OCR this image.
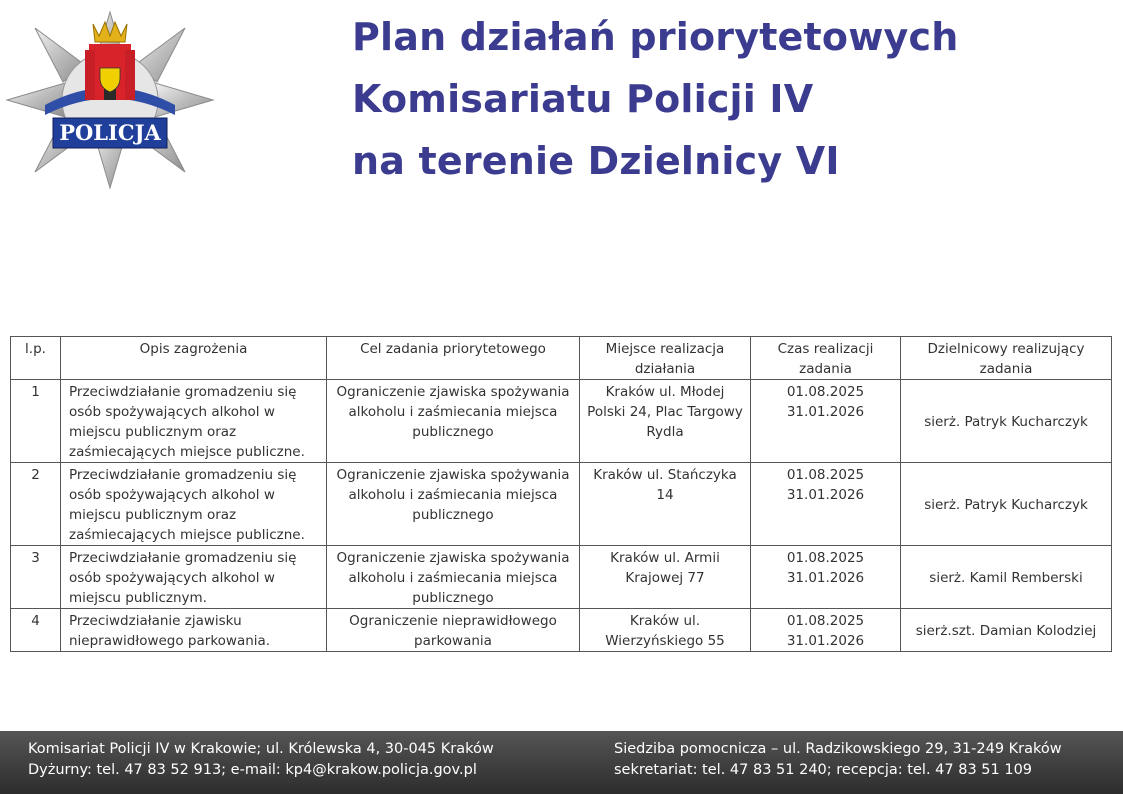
POLICJA
Plan działań priorytetowych
Komisariatu Policji IV
na terenie Dzielnicy VI
l.p.	Opis zagrożenia	Cel zadania priorytetowego	Miejsce realizacja działania	Czas realizacji zadania	Dzielnicowy realizujący zadania
1	Przeciwdziałanie gromadzeniu się osób spożywających alkohol w miejscu publicznym oraz zaśmiecających miejsce publiczne.	Ograniczenie zjawiska spożywania alkoholu i zaśmiecania miejsca publicznego	Kraków ul. Młodej Polski 24, Plac Targowy Rydla	01.08.2025
31.01.2026	sierż. Patryk Kucharczyk
2	Przeciwdziałanie gromadzeniu się osób spożywających alkohol w miejscu publicznym oraz zaśmiecających miejsce publiczne.	Ograniczenie zjawiska spożywania alkoholu i zaśmiecania miejsca publicznego	Kraków ul. Stańczyka 14	01.08.2025
31.01.2026	sierż. Patryk Kucharczyk
3	Przeciwdziałanie gromadzeniu się osób spożywających alkohol w miejscu publicznym.	Ograniczenie zjawiska spożywania alkoholu i zaśmiecania miejsca publicznego	Kraków ul. Armii Krajowej 77	01.08.2025
31.01.2026	sierż. Kamil Remberski
4	Przeciwdziałanie zjawisku nieprawidłowego parkowania.	Ograniczenie nieprawidłowego parkowania	Kraków ul. Wierzyńskiego 55	01.08.2025
31.01.2026	sierż.szt. Damian Kolodziej
Komisariat Policji IV w Krakowie; ul. Królewska 4, 30-045 Kraków
Dyżurny: tel. 47 83 52 913; e-mail: kp4@krakow.policja.gov.pl
Siedziba pomocnicza – ul. Radzikowskiego 29, 31-249 Kraków
sekretariat: tel. 47 83 51 240; recepcja: tel. 47 83 51 109
